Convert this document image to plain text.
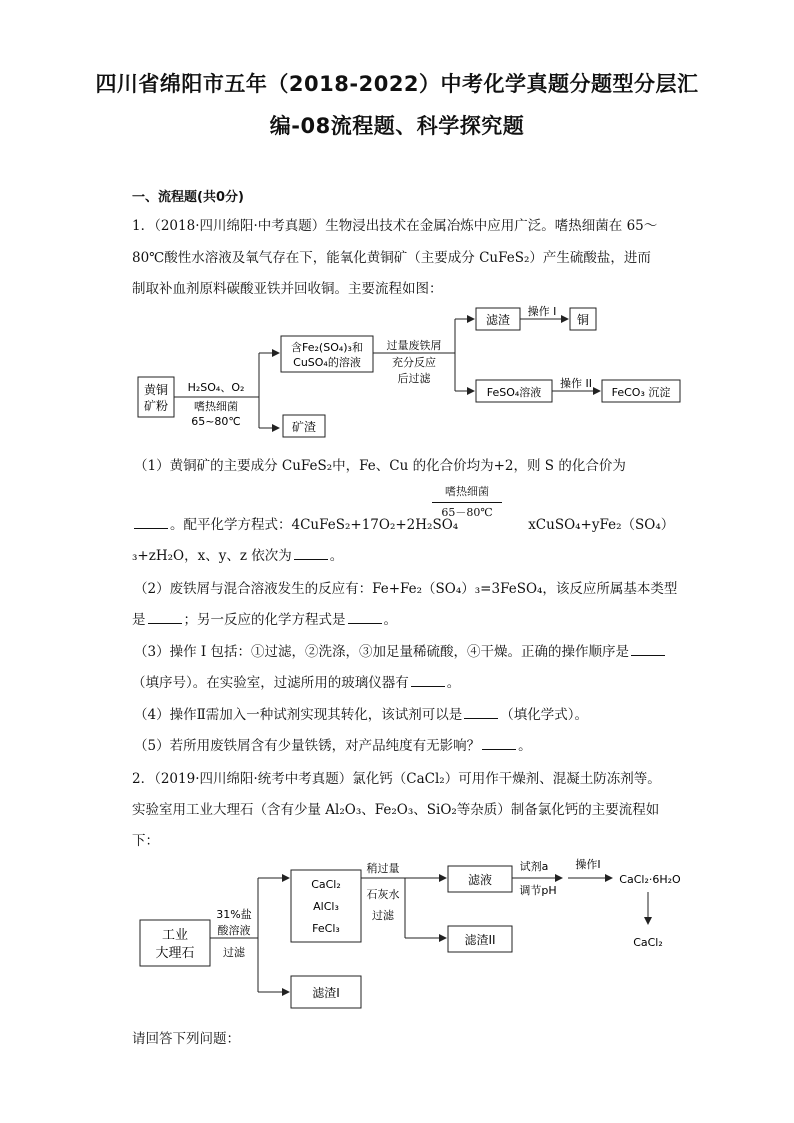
四川省绵阳市五年（2018-2022）中考化学真题分题型分层汇
编-08流程题、科学探究题
一、流程题(共0分)
1．（2018·四川绵阳·中考真题）生物浸出技术在金属冶炼中应用广泛。嗜热细菌在 65～
80℃酸性水溶液及氧气存在下，能氧化黄铜矿（主要成分 CuFeS₂）产生硫酸盐，进而
制取补血剂原料碳酸亚铁并回收铜。主要流程如图：
黄铜
矿粉
H₂SO₄、O₂
嗜热细菌
65~80℃
含Fe₂(SO₄)₃和
CuSO₄的溶液
矿渣
过量废铁屑
充分反应
后过滤
滤渣
操作 I
铜
FeSO₄溶液
操作 II
FeCO₃ 沉淀
（1）黄铜矿的主要成分 CuFeS₂中，Fe、Cu 的化合价均为+2，则 S 的化合价为
嗜热细菌
65－80℃
。配平化学方程式：4CuFeS₂+17O₂+2H₂SO₄	xCuSO₄+yFe₂（SO₄）
₃+zH₂O，x、y、z 依次为	。
（2）废铁屑与混合溶液发生的反应有：Fe+Fe₂（SO₄）₃=3FeSO₄，该反应所属基本类型
是	；另一反应的化学方程式是	。
（3）操作 I 包括：①过滤，②洗涤，③加足量稀硫酸，④干燥。正确的操作顺序是
（填序号）。在实验室，过滤所用的玻璃仪器有	。
（4）操作Ⅱ需加入一种试剂实现其转化，该试剂可以是	（填化学式）。
（5）若所用废铁屑含有少量铁锈，对产品纯度有无影响？	。
2．（2019·四川绵阳·统考中考真题）氯化钙（CaCl₂）可用作干燥剂、混凝土防冻剂等。
实验室用工业大理石（含有少量 Al₂O₃、Fe₂O₃、SiO₂等杂质）制备氯化钙的主要流程如
下：
工业
大理石
31%盐
酸溶液
过滤
CaCl₂
AlCl₃
FeCl₃
滤渣I
稍过量
石灰水
过滤
滤液
滤渣II
试剂a
调节pH
操作I
CaCl₂·6H₂O
CaCl₂
请回答下列问题：
